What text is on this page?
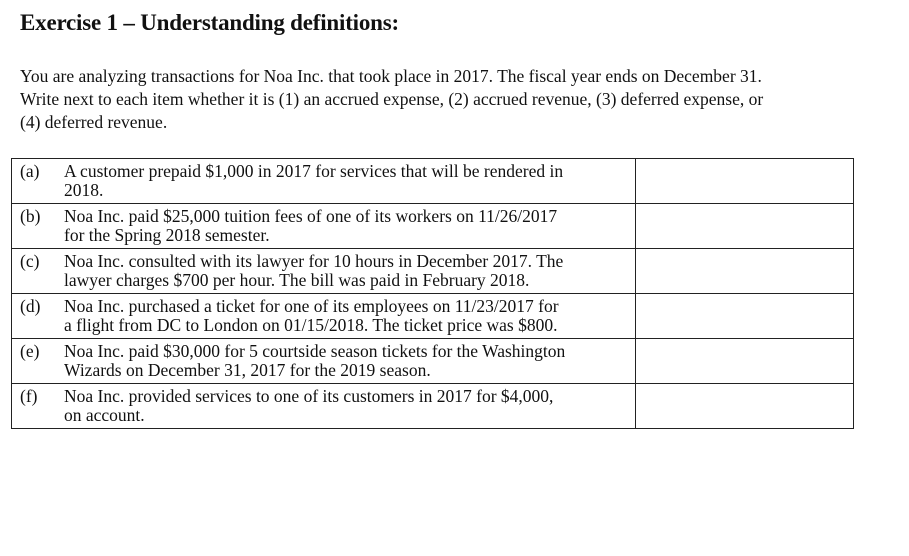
Exercise 1 – Understanding definitions:

You are analyzing transactions for Noa Inc. that took place in 2017. The fiscal year ends on December 31.

Write next to each item whether it is (1) an accrued expense, (2) accrued revenue, (3) deferred expense, or

(4) deferred revenue.

(a) A customer prepaid $1,000 in 2017 for services that will be rendered in
2018.	

(b) Noa Inc. paid $25,000 tuition fees of one of its workers on 11/26/2017
for the Spring 2018 semester.	

(c) Noa Inc. consulted with its lawyer for 10 hours in December 2017. The
lawyer charges $700 per hour. The bill was paid in February 2018.	

(d) Noa Inc. purchased a ticket for one of its employees on 11/23/2017 for
a flight from DC to London on 01/15/2018. The ticket price was $800.	

(e) Noa Inc. paid $30,000 for 5 courtside season tickets for the Washington
Wizards on December 31, 2017 for the 2019 season.	

(f) Noa Inc. provided services to one of its customers in 2017 for $4,000,
on account.	
